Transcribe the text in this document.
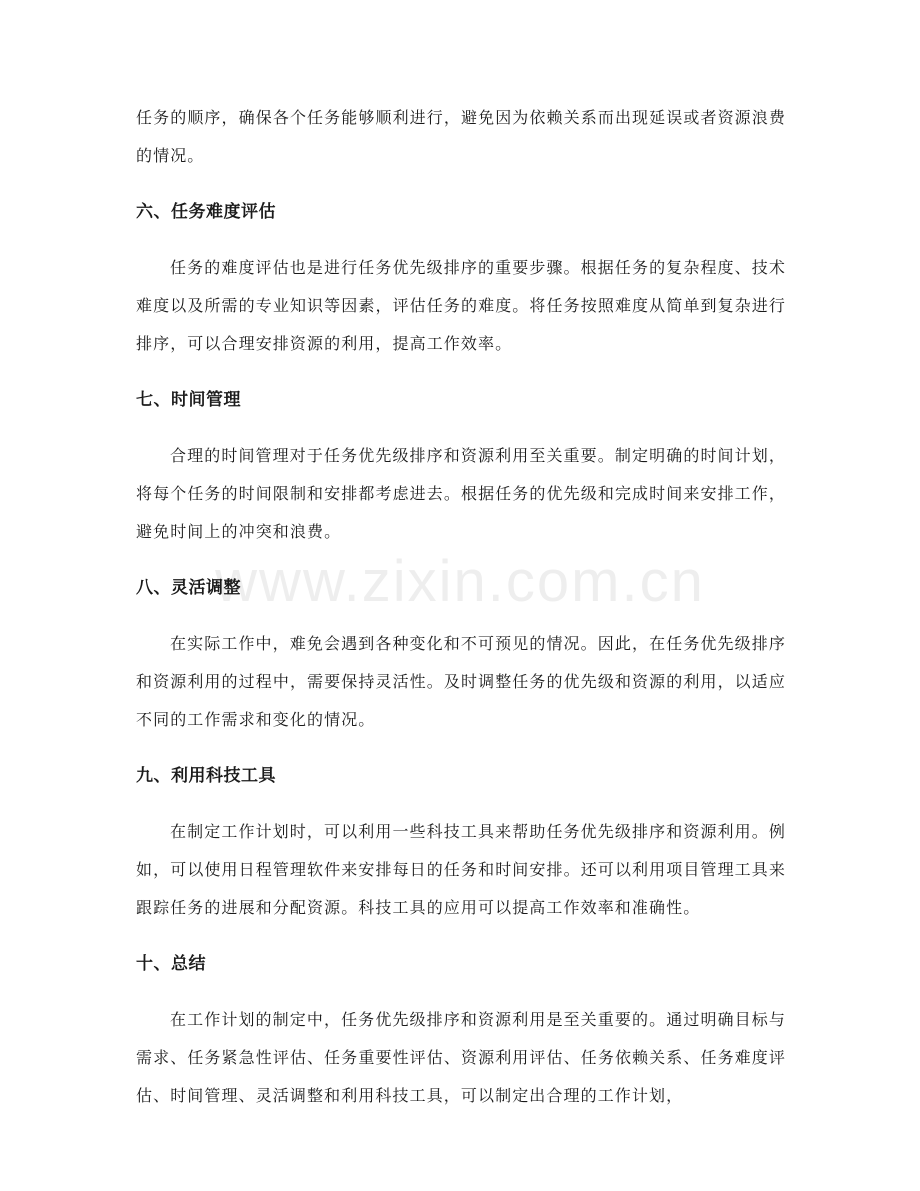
www.zixin.com.cn

任务的顺序，确保各个任务能够顺利进行，避免因为依赖关系而出现延误或者资源浪费的情况。

六、任务难度评估

任务的难度评估也是进行任务优先级排序的重要步骤。根据任务的复杂程度、技术难度以及所需的专业知识等因素，评估任务的难度。将任务按照难度从简单到复杂进行排序，可以合理安排资源的利用，提高工作效率。

七、时间管理

合理的时间管理对于任务优先级排序和资源利用至关重要。制定明确的时间计划，将每个任务的时间限制和安排都考虑进去。根据任务的优先级和完成时间来安排工作，避免时间上的冲突和浪费。

八、灵活调整

在实际工作中，难免会遇到各种变化和不可预见的情况。因此，在任务优先级排序和资源利用的过程中，需要保持灵活性。及时调整任务的优先级和资源的利用，以适应不同的工作需求和变化的情况。

九、利用科技工具

在制定工作计划时，可以利用一些科技工具来帮助任务优先级排序和资源利用。例如，可以使用日程管理软件来安排每日的任务和时间安排。还可以利用项目管理工具来跟踪任务的进展和分配资源。科技工具的应用可以提高工作效率和准确性。

十、总结

在工作计划的制定中，任务优先级排序和资源利用是至关重要的。通过明确目标与需求、任务紧急性评估、任务重要性评估、资源利用评估、任务依赖关系、任务难度评估、时间管理、灵活调整和利用科技工具，可以制定出合理的工作计划，
